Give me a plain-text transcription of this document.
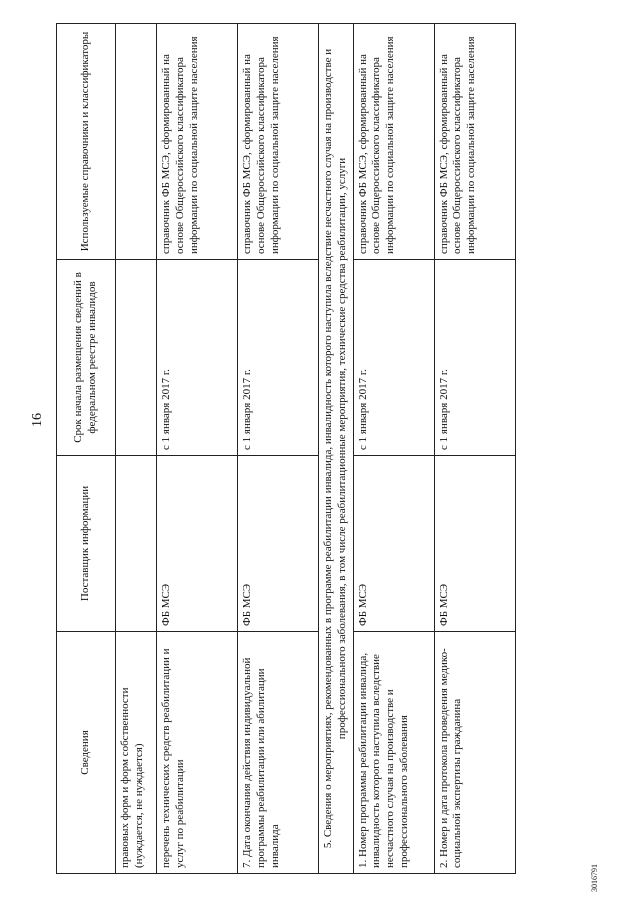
16
Сведения	Поставщик информации	Срок начала размещения сведений в федеральном реестре инвалидов	Используемые справочники и классификаторы
правовых форм и форм собственности (нуждается, не нуждается)			
перечень технических средств реабилитации и услуг по реабилитации	ФБ МСЭ	с 1 января 2017 г.	справочник ФБ МСЭ, сформированный на основе Общероссийского классификатора информации по социальной защите населения
7. Дата окончания действия индивидуальной программы реабилитации или абилитации инвалида	ФБ МСЭ	с 1 января 2017 г.	справочник ФБ МСЭ, сформированный на основе Общероссийского классификатора информации по социальной защите населения
5. Сведения о мероприятиях, рекомендованных в программе реабилитации инвалида, инвалидность которого наступила вследствие несчастного случая на производстве и профессионального заболевания, в том числе реабилитационные мероприятия, технические средства реабилитации, услуги			
1. Номер программы реабилитации инвалида, инвалидность которого наступила вследствие несчастного случая на производстве и профессионального заболевания	ФБ МСЭ	с 1 января 2017 г.	справочник ФБ МСЭ, сформированный на основе Общероссийского классификатора информации по социальной защите населения
2. Номер и дата протокола проведения медико-социальной экспертизы гражданина	ФБ МСЭ	с 1 января 2017 г.	справочник ФБ МСЭ, сформированный на основе Общероссийского классификатора информации по социальной защите населения
3016791
